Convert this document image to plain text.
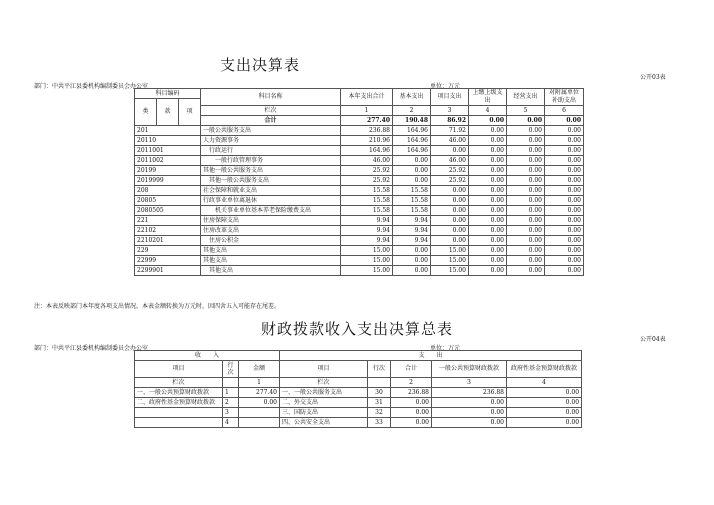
支出决算表
公开03表
部门：中共平江县委机构编制委员会办公室	单位：万元
科目编码			科目名称	本年支出合计	基本支出	项目支出	上缴上级支出	经营支出	对附属单位补助支出
类	款	项							
			栏次	1	2	3	4	5	6
			合计	277.40	190.48	86.92	0.00	0.00	0.00
201			一般公共服务支出	236.88	164.96	71.92	0.00	0.00	0.00
20110			人力资源事务	210.96	164.96	46.00	0.00	0.00	0.00
2011001			行政运行	164.96	164.96	0.00	0.00	0.00	0.00
2011002			一般行政管理事务	46.00	0.00	46.00	0.00	0.00	0.00
20199			其他一般公共服务支出	25.92	0.00	25.92	0.00	0.00	0.00
2019999			其他一般公共服务支出	25.92	0.00	25.92	0.00	0.00	0.00
208			社会保障和就业支出	15.58	15.58	0.00	0.00	0.00	0.00
20805			行政事业单位离退休	15.58	15.58	0.00	0.00	0.00	0.00
2080505			机关事业单位基本养老保险缴费支出	15.58	15.58	0.00	0.00	0.00	0.00
221			住房保障支出	9.94	9.94	0.00	0.00	0.00	0.00
22102			住房改革支出	9.94	9.94	0.00	0.00	0.00	0.00
2210201			住房公积金	9.94	9.94	0.00	0.00	0.00	0.00
229			其他支出	15.00	0.00	15.00	0.00	0.00	0.00
22999			其他支出	15.00	0.00	15.00	0.00	0.00	0.00
2299901			其他支出	15.00	0.00	15.00	0.00	0.00	0.00
注：本表反映部门本年度各项支出情况。本表金额转换为万元时，因四舍五入可能存在尾差。
财政拨款收入支出决算总表
公开04表
部门：中共平江县委机构编制委员会办公室	单位：万元
收　　入			支　　出				
项目	行次	金额	项目	行次	合计	一般公共预算财政拨款	政府性基金预算财政拨款
栏次		1	栏次		2	3	4
一、一般公共预算财政拨款	1	277.40	一、一般公共服务支出	30	236.88	236.88	0.00
二、政府性基金预算财政拨款	2	0.00	二、外交支出	31	0.00	0.00	0.00
	3		三、国防支出	32	0.00	0.00	0.00
	4		四、公共安全支出	33	0.00	0.00	0.00
